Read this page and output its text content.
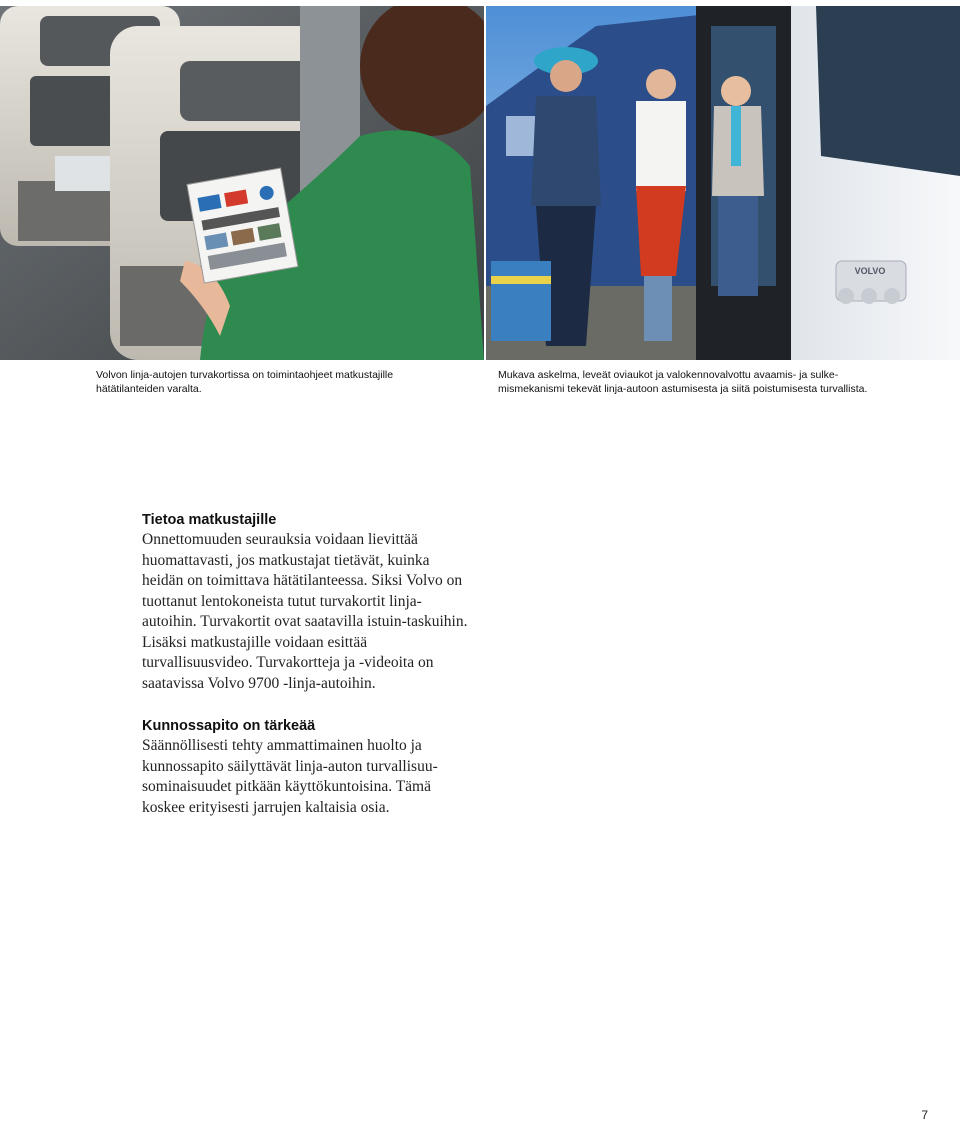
VOLVO
Volvon linja-autojen turvakortissa on toimintaohjeet matkustajille hätätilanteiden varalta.
Mukava askelma, leveät oviaukot ja valokennovalvottu avaamis- ja sulke-mismekanismi tekevät linja-autoon astumisesta ja siitä poistumisesta turvallista.
Tietoa matkustajille

Onnettomuuden seurauksia voidaan lievittää huomattavasti, jos matkustajat tietävät, kuinka heidän on toimittava hätätilanteessa. Siksi Volvo on tuottanut lentokoneista tutut turvakortit linja-autoihin. Turvakortit ovat saatavilla istuin-taskuihin. Lisäksi matkustajille voidaan esittää turvallisuusvideo. Turvakortteja ja -videoita on saatavissa Volvo 9700 -linja-autoihin.

Kunnossapito on tärkeää

Säännöllisesti tehty ammattimainen huolto ja kunnossapito säilyttävät linja-auton turvallisuu-sominaisuudet pitkään käyttökuntoisina. Tämä koskee erityisesti jarrujen kaltaisia osia.

7
